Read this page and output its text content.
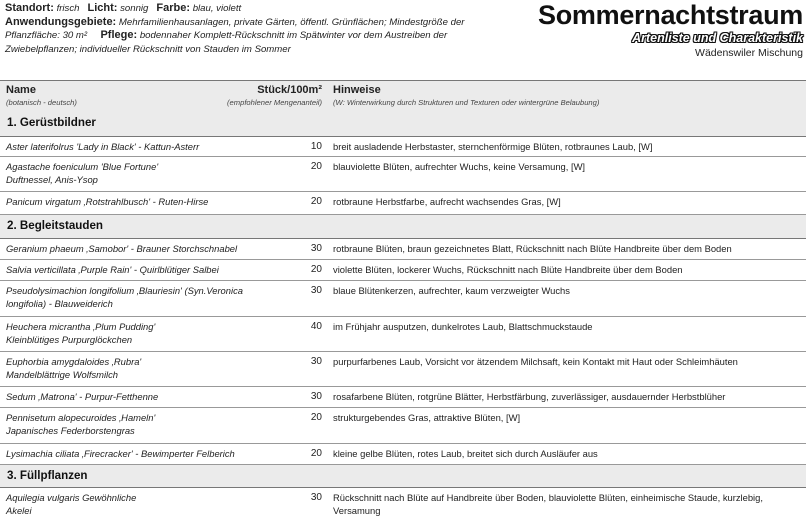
Standort: frisch Licht: sonnig Farbe: blau, violett
Anwendungsgebiete: Mehrfamilienhausanlagen, private Gärten, öffentl. Grünflächen; Mindestgröße der Pflanzfläche: 30 m² Pflege: bodennaher Komplett-Rückschnitt im Spätwinter vor dem Austreiben der Zwiebelpflanzen; individueller Rückschnitt von Stauden im Sommer
Sommernachtstraum
Artenliste und Charakteristik
Wädenswiler Mischung
Name
(botanisch - deutsch)
Stück/100m²
(empfohlener Mengenanteil)
Hinweise
(W: Winterwirkung durch Strukturen und Texturen oder wintergrüne Belaubung)
1. Gerüstbildner
Aster laterifolrus 'Lady in Black' - Kattun-Asterr	10 breit ausladende Herbstaster, sternchenförmige Blüten, rotbraunes Laub, [W]
Agastache foeniculum 'Blue Fortune' Duftnessel, Anis-Ysop
20 blauviolette Blüten, aufrechter Wuchs, keine Versamung, [W]
Panicum virgatum ‚Rotstrahlbusch' - Ruten-Hirse	20 rotbraune Herbstfarbe, aufrecht wachsendes Gras, [W]
2. Begleitstauden
Geranium phaeum ‚Samobor' - Brauner Storchschnabel	30 rotbraune Blüten, braun gezeichnetes Blatt, Rückschnitt nach Blüte Handbreite über dem Boden
Salvia verticillata ‚Purple Rain' - Quirlblütiger Salbei	20 violette Blüten, lockerer Wuchs, Rückschnitt nach Blüte Handbreite über dem Boden
Pseudolysimachion longifolium ‚Blauriesin' (Syn.Veronica longifolia) - Blauweiderich
30 blaue Blütenkerzen, aufrechter, kaum verzweigter Wuchs
Heuchera micrantha ‚Plum Pudding' Kleinblütiges Purpurglöckchen
40 im Frühjahr ausputzen, dunkelrotes Laub, Blattschmuckstaude
Euphorbia amygdaloides ‚Rubra' Mandelblättrige Wolfsmilch
30 purpurfarbenes Laub, Vorsicht vor ätzendem Milchsaft, kein Kontakt mit Haut oder Schleimhäuten
Sedum ‚Matrona' - Purpur-Fetthenne	30 rosafarbene Blüten, rotgrüne Blätter, Herbstfärbung, zuverlässiger, ausdauernder Herbstblüher
Pennisetum alopecuroides ‚Hameln' Japanisches Federborstengras
20 strukturgebendes Gras, attraktive Blüten, [W]
Lysimachia ciliata ‚Firecracker' - Bewimperter Felberich	20 kleine gelbe Blüten, rotes Laub, breitet sich durch Ausläufer aus
3. Füllpflanzen
Aquilegia vulgaris Gewöhnliche Akelei
30 Rückschnitt nach Blüte auf Handbreite über Boden, blauviolette Blüten, einheimische Staude, kurzlebig, Versamung
